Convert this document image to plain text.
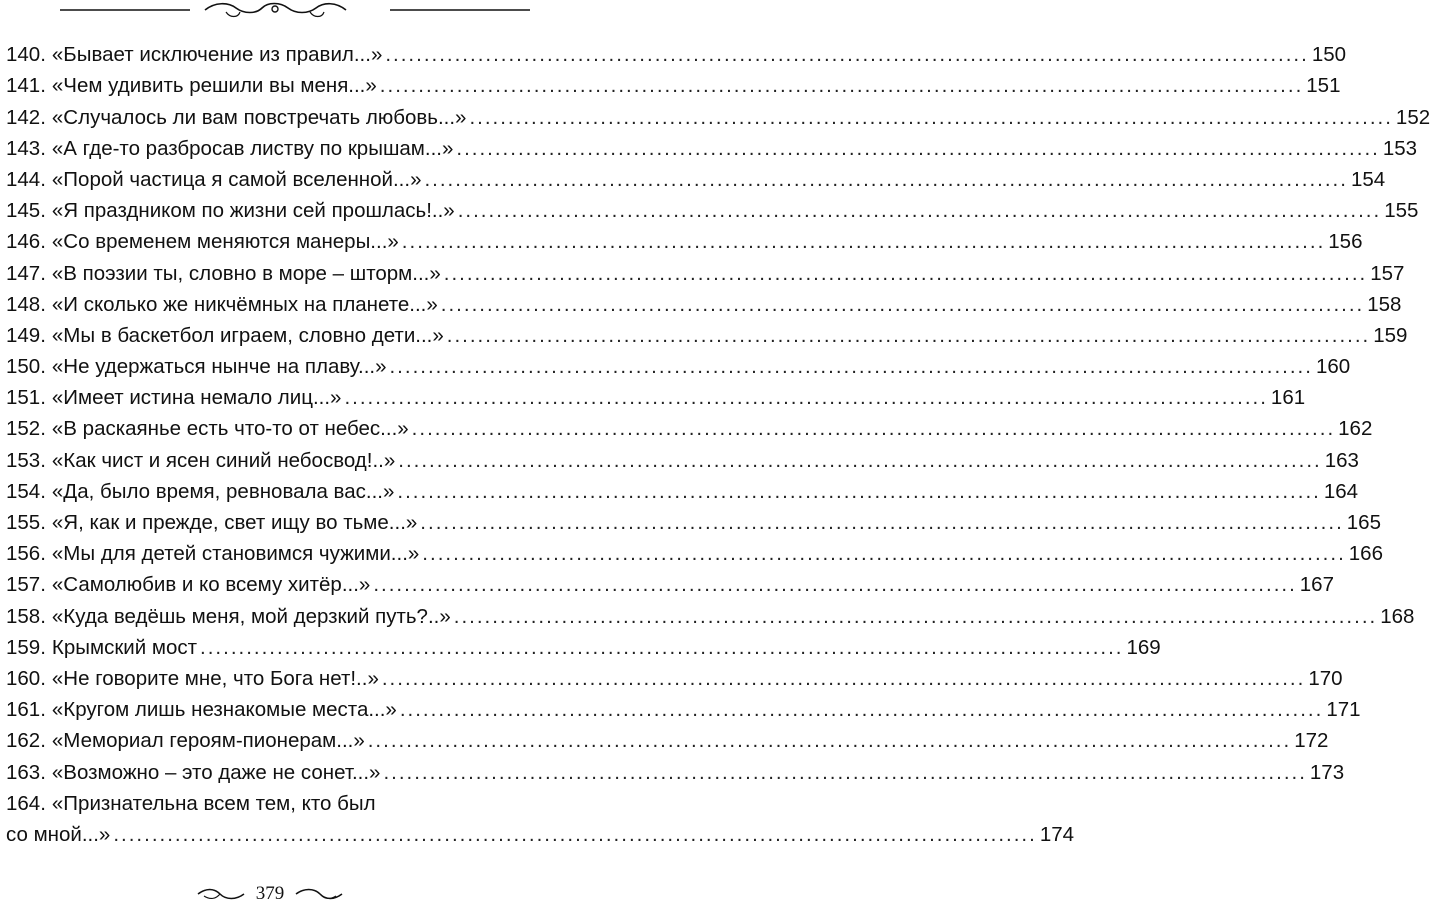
140. «Бывает исключение из правил...» ........................................................................................................................ 150
141. «Чем удивить решили вы меня...» ........................................................................................................................ 151
142. «Случалось ли вам повстречать любовь...» ........................................................................................................................ 152
143. «А где-то разбросав листву по крышам...» ........................................................................................................................ 153
144. «Порой частица я самой вселенной...» ........................................................................................................................ 154
145. «Я праздником по жизни сей прошлась!..» ........................................................................................................................ 155
146. «Со временем меняются манеры...» ........................................................................................................................ 156
147. «В поэзии ты, словно в море – шторм...» ........................................................................................................................ 157
148. «И сколько же никчёмных на планете...» ........................................................................................................................ 158
149. «Мы в баскетбол играем, словно дети...» ........................................................................................................................ 159
150. «Не удержаться нынче на плаву...» ........................................................................................................................ 160
151. «Имеет истина немало лиц...» ........................................................................................................................ 161
152. «В раскаянье есть что-то от небес...» ........................................................................................................................ 162
153. «Как чист и ясен синий небосвод!..» ........................................................................................................................ 163
154. «Да, было время, ревновала вас...» ........................................................................................................................ 164
155. «Я, как и прежде, свет ищу во тьме...» ........................................................................................................................ 165
156. «Мы для детей становимся чужими...» ........................................................................................................................ 166
157. «Самолюбив и ко всему хитёр...» ........................................................................................................................ 167
158. «Куда ведёшь меня, мой дерзкий путь?..» ........................................................................................................................ 168
159. Крымский мост ........................................................................................................................ 169
160. «Не говорите мне, что Бога нет!..» ........................................................................................................................ 170
161. «Кругом лишь незнакомые места...» ........................................................................................................................ 171
162. «Мемориал героям-пионерам...» ........................................................................................................................ 172
163. «Возможно – это даже не сонет...» ........................................................................................................................ 173
164. «Признательна всем тем, кто был
со мной...» ........................................................................................................................ 174
379
